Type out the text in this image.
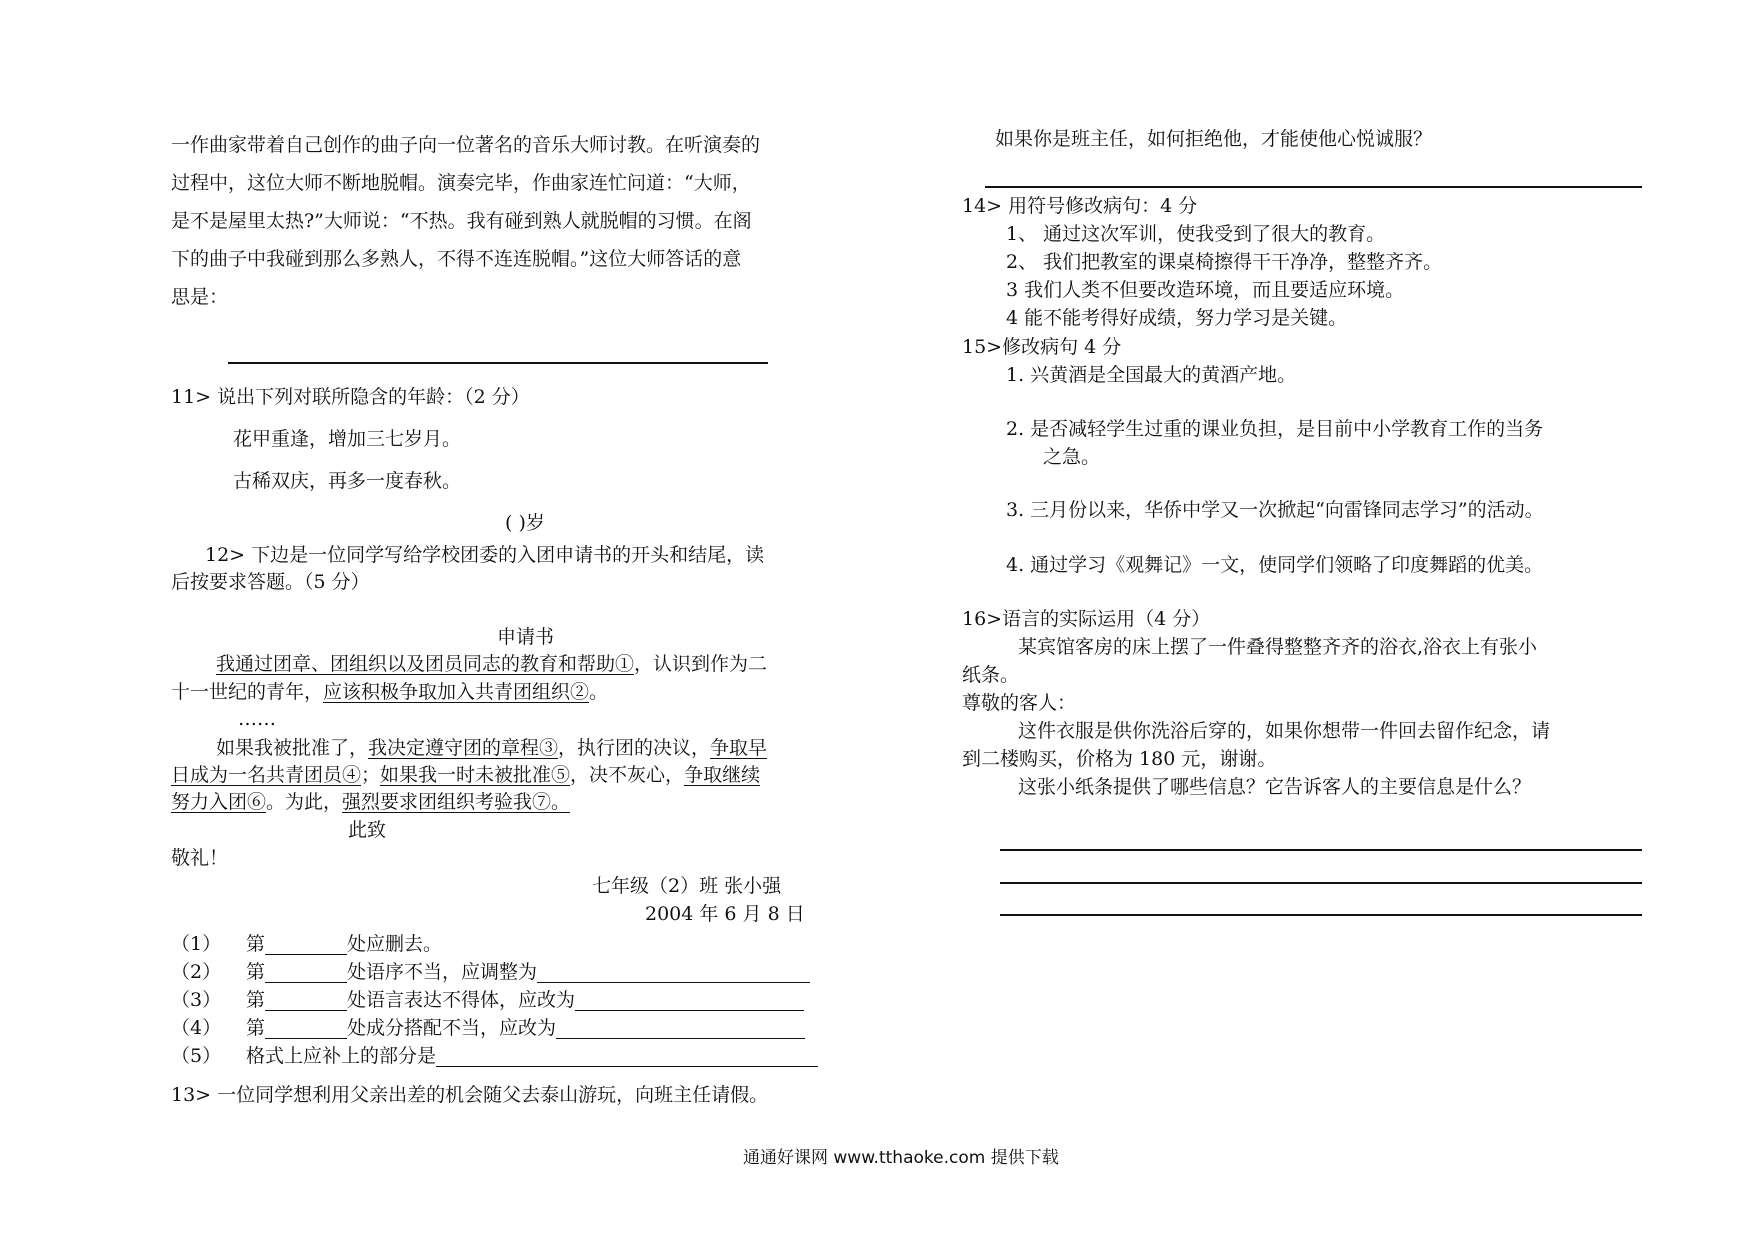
一作曲家带着自己创作的曲子向一位著名的音乐大师讨教。在听演奏的
过程中，这位大师不断地脱帽。演奏完毕，作曲家连忙问道：“大师，
是不是屋里太热?”大师说：“不热。我有碰到熟人就脱帽的习惯。在阁
下的曲子中我碰到那么多熟人，不得不连连脱帽。”这位大师答话的意
思是：
11> 说出下列对联所隐含的年龄：（2 分）
花甲重逢，增加三七岁月。
古稀双庆，再多一度春秋。
( )岁
12> 下边是一位同学写给学校团委的入团申请书的开头和结尾，读
后按要求答题。（5 分）
申请书
我通过团章、团组织以及团员同志的教育和帮助①，认识到作为二
十一世纪的青年，应该积极争取加入共青团组织②。
……
如果我被批准了，我决定遵守团的章程③，执行团的决议，争取早
日成为一名共青团员④；如果我一时未被批准⑤，决不灰心，争取继续
努力入团⑥。为此，强烈要求团组织考验我⑦。
此致
敬礼！
七年级（2）班 张小强
2004 年 6 月 8 日
（1） 第	处应删去。
（2） 第	处语序不当，应调整为
（3） 第	处语言表达不得体，应改为
（4） 第	处成分搭配不当，应改为
（5） 格式上应补上的部分是
13> 一位同学想利用父亲出差的机会随父去泰山游玩，向班主任请假。
如果你是班主任，如何拒绝他，才能使他心悦诚服？
14> 用符号修改病句：4 分
1、 通过这次军训，使我受到了很大的教育。
2、 我们把教室的课桌椅擦得干干净净，整整齐齐。
3 我们人类不但要改造环境，而且要适应环境。
4 能不能考得好成绩，努力学习是关键。
15>修改病句 4 分
1. 兴黄酒是全国最大的黄酒产地。
2. 是否减轻学生过重的课业负担，是目前中小学教育工作的当务
之急。
3. 三月份以来，华侨中学又一次掀起“向雷锋同志学习”的活动。
4. 通过学习《观舞记》一文，使同学们领略了印度舞蹈的优美。
16>语言的实际运用（4 分）
某宾馆客房的床上摆了一件叠得整整齐齐的浴衣,浴衣上有张小
纸条。
尊敬的客人：
这件衣服是供你洗浴后穿的，如果你想带一件回去留作纪念，请
到二楼购买，价格为 180 元，谢谢。
这张小纸条提供了哪些信息？它告诉客人的主要信息是什么？
通通好课网 www.tthaoke.com 提供下载
